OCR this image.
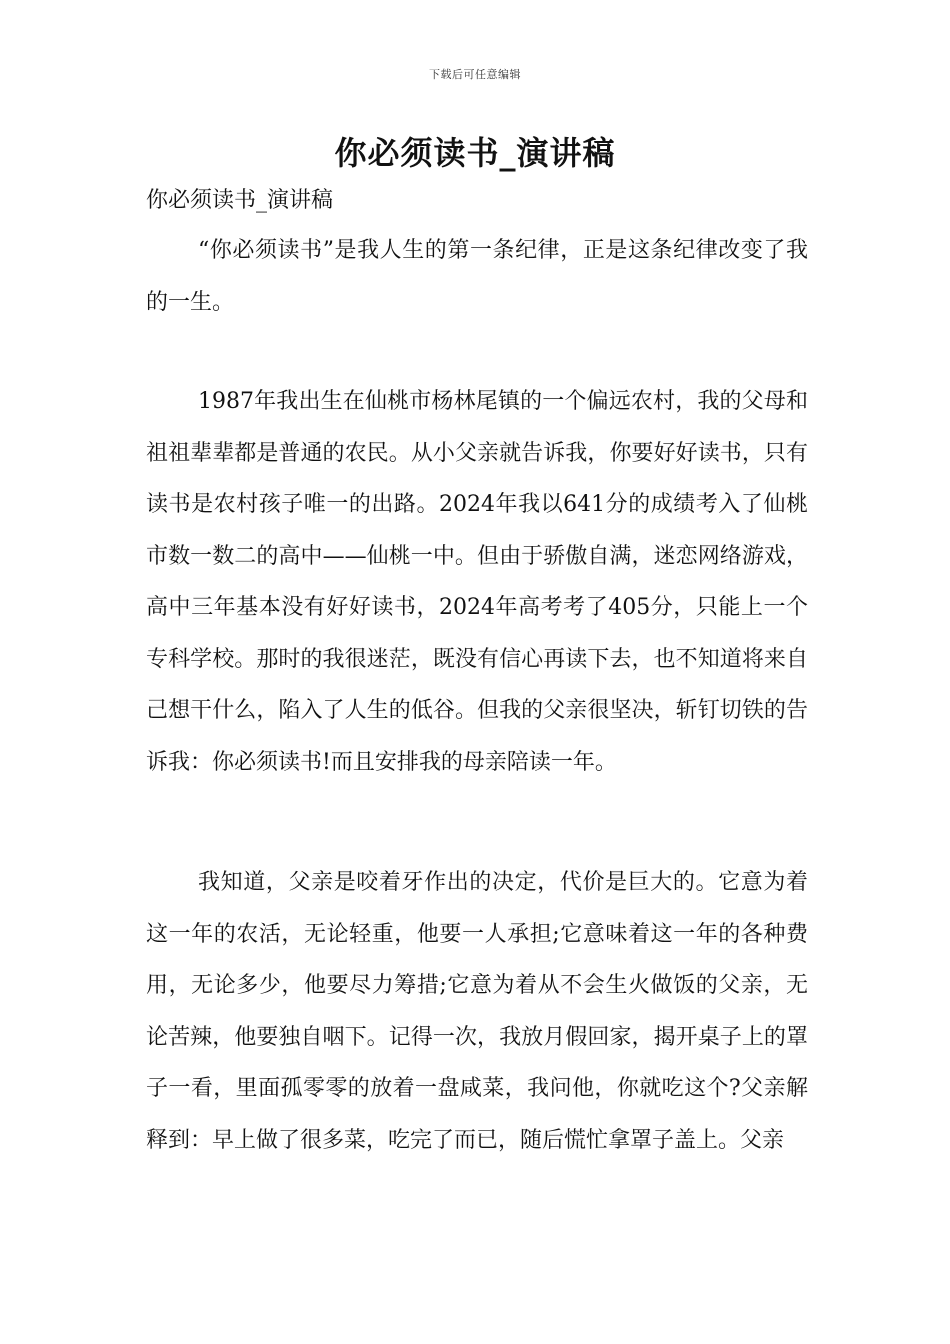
下载后可任意编辑
你必须读书_演讲稿

你必须读书_演讲稿

“你必须读书”是我人生的第一条纪律，正是这条纪律改变了我的一生。

1987年我出生在仙桃市杨林尾镇的一个偏远农村，我的父母和祖祖辈辈都是普通的农民。从小父亲就告诉我，你要好好读书，只有读书是农村孩子唯一的出路。2024年我以641分的成绩考入了仙桃市数一数二的高中——仙桃一中。但由于骄傲自满，迷恋网络游戏，高中三年基本没有好好读书，2024年高考考了405分，只能上一个专科学校。那时的我很迷茫，既没有信心再读下去，也不知道将来自己想干什么，陷入了人生的低谷。但我的父亲很坚决，斩钉切铁的告诉我：你必须读书!而且安排我的母亲陪读一年。

我知道，父亲是咬着牙作出的决定，代价是巨大的。它意为着这一年的农活，无论轻重，他要一人承担;它意味着这一年的各种费用，无论多少，他要尽力筹措;它意为着从不会生火做饭的父亲，无论苦辣，他要独自咽下。记得一次，我放月假回家，揭开桌子上的罩子一看，里面孤零零的放着一盘咸菜，我问他，你就吃这个?父亲解释到：早上做了很多菜，吃完了而已，随后慌忙拿罩子盖上。父亲
